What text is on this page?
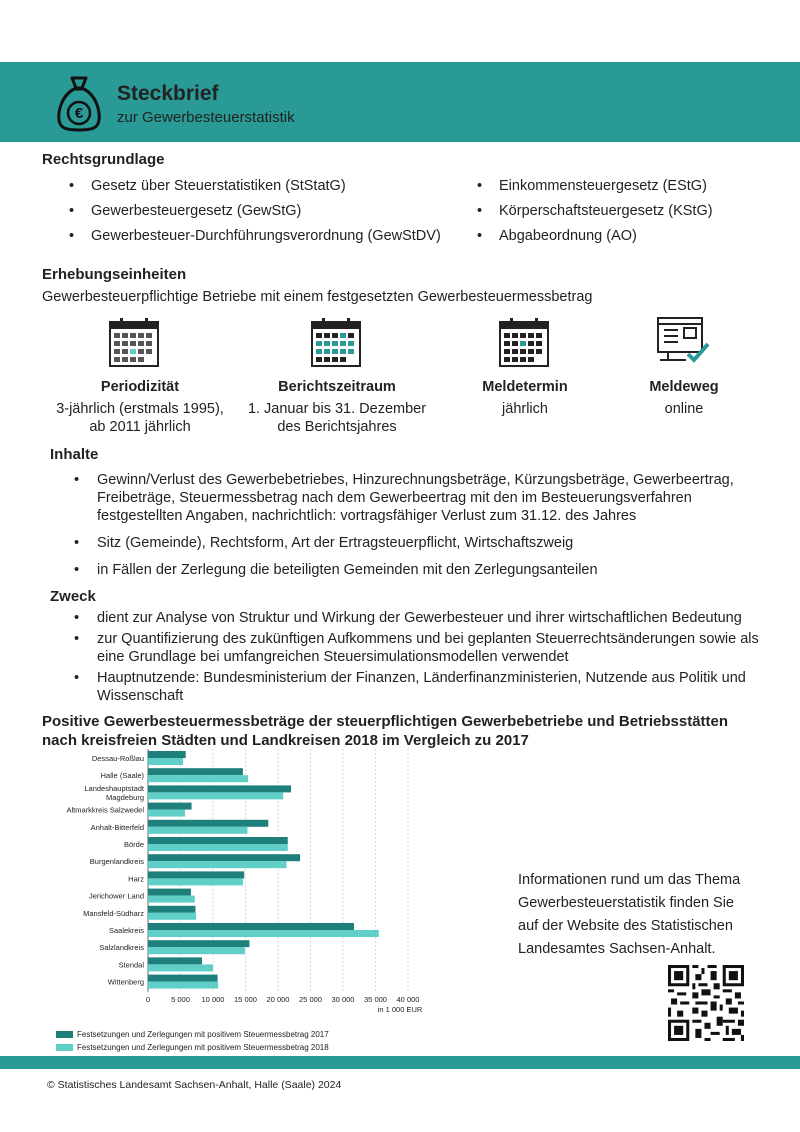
€
Steckbrief
zur Gewerbesteuerstatistik
Rechtsgrundlage
• Gesetz über Steuerstatistiken (StStatG)
• Gewerbesteuergesetz (GewStG)
• Gewerbesteuer-Durchführungsverordnung (GewStDV)
• Einkommensteuergesetz (EStG)
• Körperschaftsteuergesetz (KStG)
• Abgabeordnung (AO)
Erhebungseinheiten
Gewerbesteuerpflichtige Betriebe mit einem festgesetzten Gewerbesteuermessbetrag
Periodizität
3-jährlich (erstmals 1995),
ab 2011 jährlich
Berichtszeitraum
1. Januar bis 31. Dezember
des Berichtsjahres
Meldetermin
jährlich
Meldeweg
online
Inhalte
• Gewinn/Verlust des Gewerbebetriebes, Hinzurechnungsbeträge, Kürzungsbeträge, Gewerbeertrag, Freibeträge, Steuermessbetrag nach dem Gewerbeertrag mit den im Besteuerungsverfahren festgestellten Angaben, nachrichtlich: vortragsfähiger Verlust zum 31.12. des Jahres
• Sitz (Gemeinde), Rechtsform, Art der Ertragsteuerpflicht, Wirtschaftszweig
• in Fällen der Zerlegung die beteiligten Gemeinden mit den Zerlegungsanteilen
Zweck
• dient zur Analyse von Struktur und Wirkung der Gewerbesteuer und ihrer wirtschaftlichen Bedeutung
• zur Quantifizierung des zukünftigen Aufkommens und bei geplanten Steuerrechtsänderungen sowie als eine Grundlage bei umfangreichen Steuersimulationsmodellen verwendet
• Hauptnutzende: Bundesministerium der Finanzen, Länderfinanzministerien, Nutzende aus Politik und Wissenschaft
Positive Gewerbesteuermessbeträge der steuerpflichtigen Gewerbebetriebe und Betriebsstätten nach kreisfreien Städten und Landkreisen 2018 im Vergleich zu 2017
0	5 000 10 000 15 000 20 000 25 000 30 000 35 000 40 000
in 1 000 EUR
Dessau-Roßlau
Halle (Saale)
Landeshauptstadt
Magdeburg
Altmarkkreis Salzwedel
Anhalt-Bitterfeld
Börde
Burgenlandkreis
Harz
Jerichower Land
Mansfeld-Südharz
Saalekreis
Salzlandkreis
Stendal
Wittenberg
Festsetzungen und Zerlegungen mit positivem Steuermessbetrag 2017
Festsetzungen und Zerlegungen mit positivem Steuermessbetrag 2018
Informationen rund um das Thema Gewerbesteuerstatistik finden Sie auf der Website des Statistischen Landesamtes Sachsen-Anhalt.
© Statistisches Landesamt Sachsen-Anhalt, Halle (Saale) 2024
